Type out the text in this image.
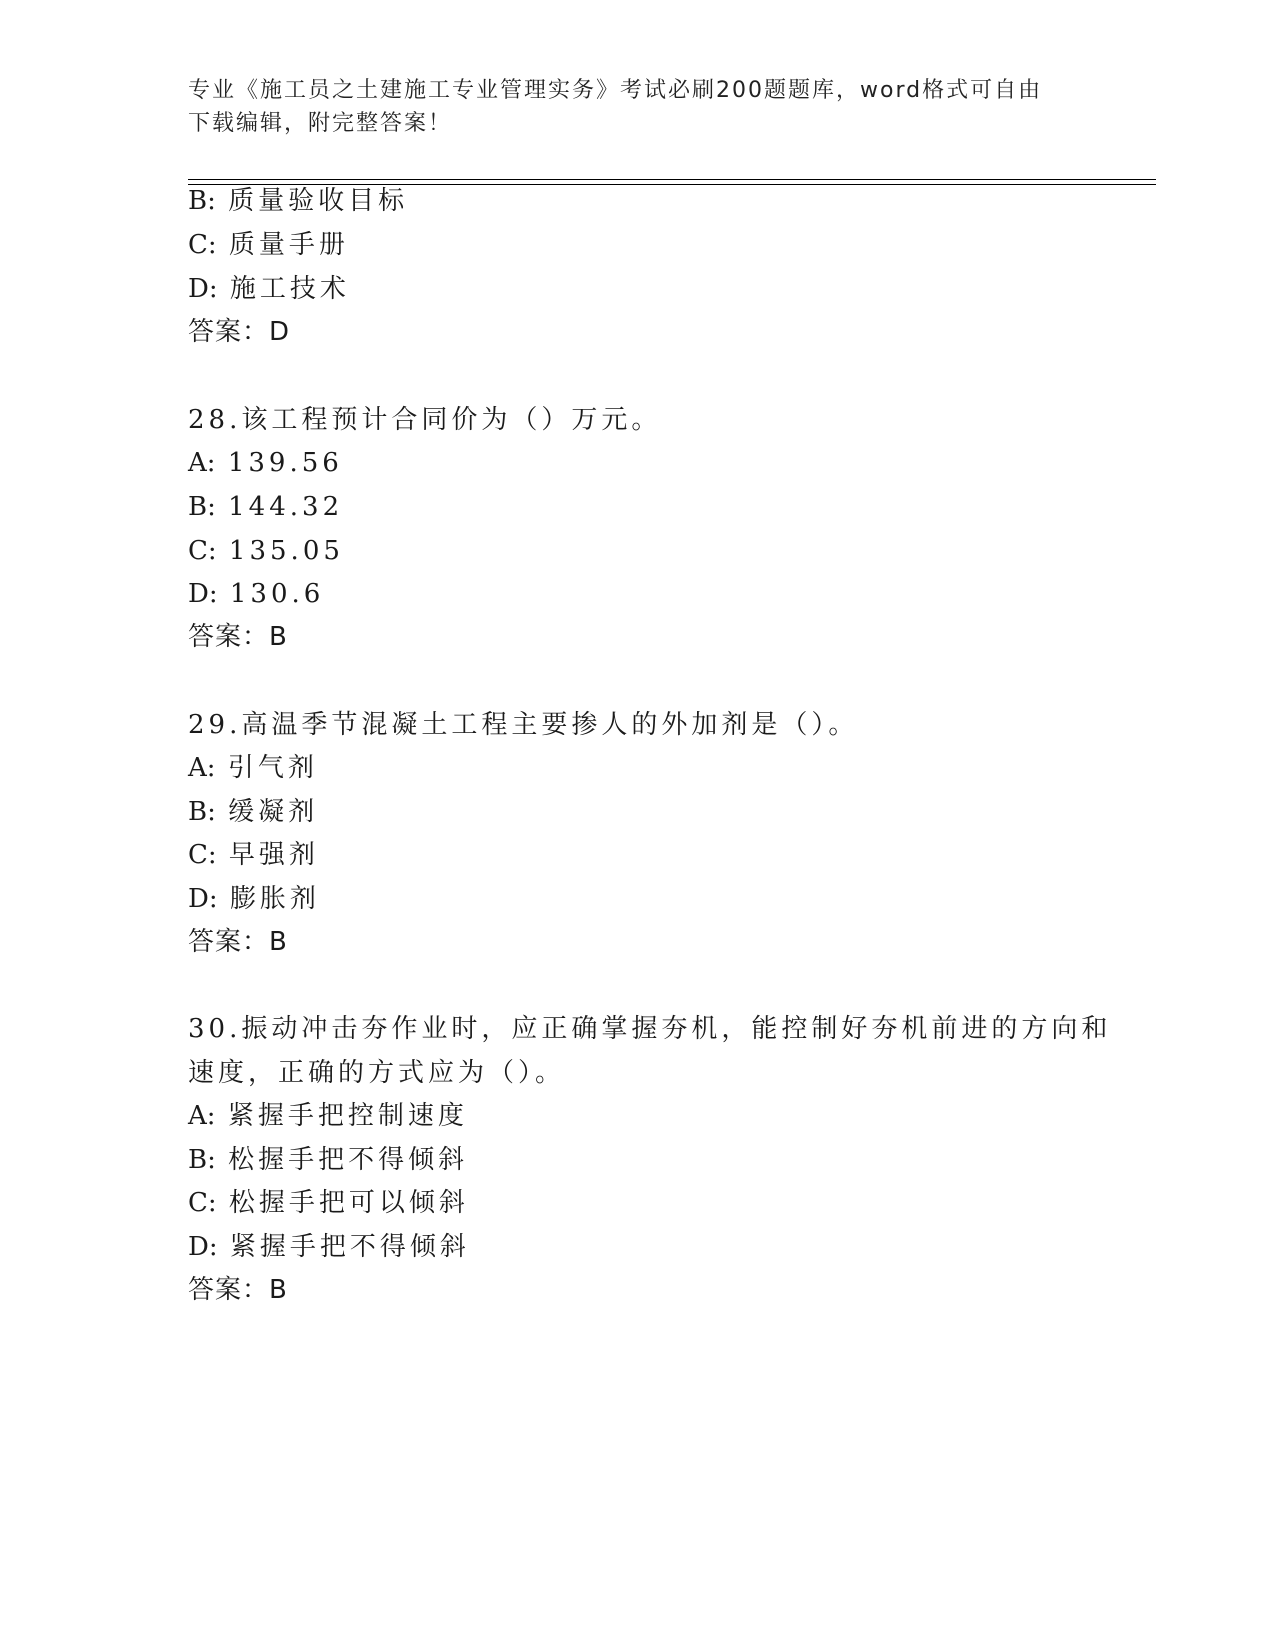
专业《施工员之土建施工专业管理实务》考试必刷200题题库，word格式可自由
下载编辑，附完整答案！
B: 质量验收目标
C: 质量手册
D: 施工技术
答案：D
28.该工程预计合同价为（）万元。
A: 139.56
B: 144.32
C: 135.05
D: 130.6
答案：B
29.高温季节混凝土工程主要掺人的外加剂是（）。
A: 引气剂
B: 缓凝剂
C: 早强剂
D: 膨胀剂
答案：B
30.振动冲击夯作业时，应正确掌握夯机，能控制好夯机前进的方向和
速度，正确的方式应为（）。
A: 紧握手把控制速度
B: 松握手把不得倾斜
C: 松握手把可以倾斜
D: 紧握手把不得倾斜
答案：B
